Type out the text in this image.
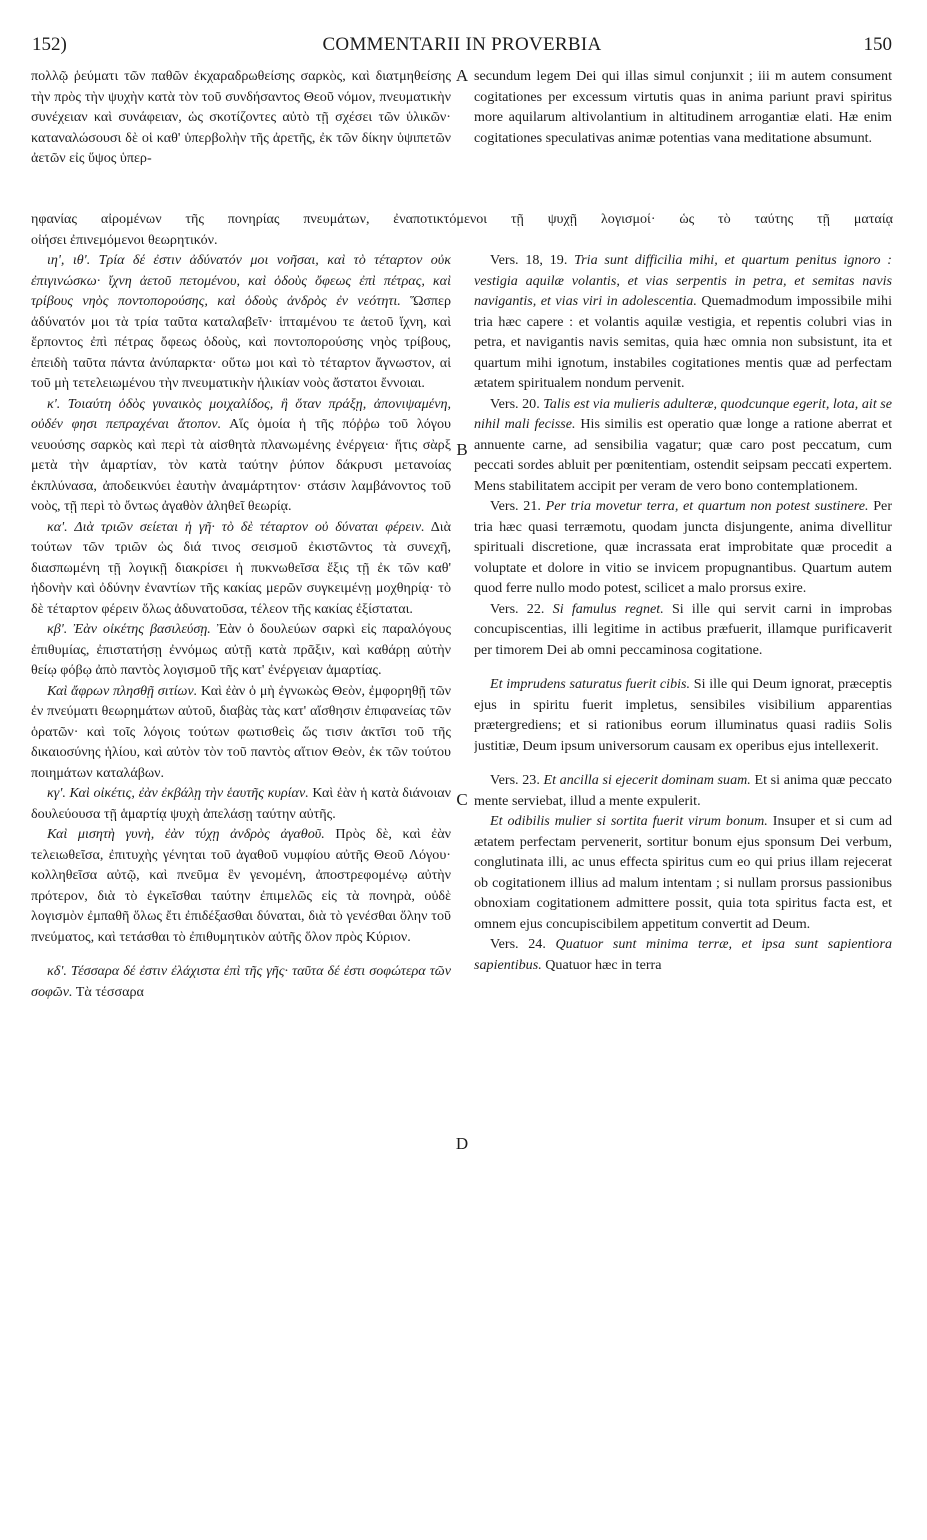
152)	COMMENTARII IN PROVERBIA	150

πολλῷ ῥεύματι τῶν παθῶν ἐκχαραδρωθείσης σαρκὸς, καὶ διατμηθείσης τὴν πρὸς τὴν ψυχὴν κατὰ τὸν τοῦ συνδήσαντος Θεοῦ νόμον, πνευματικὴν συνέχειαν καὶ συνάφειαν, ὡς σκοτίζοντες αὐτὸ τῇ σχέσει τῶν ὑλικῶν· καταναλώσουσι δὲ οἱ καθ' ὑπερβολὴν τῆς ἀρετῆς, ἐκ τῶν δίκην ὑψιπετῶν ἀετῶν εἰς ὕψος ὑπερ-

secundum legem Dei qui illas simul conjunxit ; iii m autem consument cogitationes per excessum virtutis quas in anima pariunt pravi spiritus more aquilarum altivolantium in altitudinem arrogantiæ elati. Hæ enim cogitationes speculativas animæ potentias vana meditatione absumunt.

ηφανίας αἰρομένων τῆς πονηρίας πνευμάτων, ἐναποτικτόμενοι τῇ ψυχῇ λογισμοί· ὡς τὸ ταύτης τῇ ματαίᾳ

οἰήσει ἐπινεμόμενοι θεωρητικόν.

ιη', ιθ'. Τρία δέ ἐστιν ἀδύνατόν μοι νοῆσαι, καὶ τὸ τέταρτον οὐκ ἐπιγινώσκω· ἴχνη ἀετοῦ πετομένου, καὶ ὁδοὺς ὄφεως ἐπὶ πέτρας, καὶ τρίβους νηὸς ποντοπορούσης, καὶ ὁδοὺς ἀνδρὸς ἐν νεότητι. Ὥσπερ ἀδύνατόν μοι τὰ τρία ταῦτα καταλαβεῖν· ἱπταμένου τε ἀετοῦ ἴχνη, καὶ ἕρποντος ἐπὶ πέτρας ὄφεως ὁδοὺς, καὶ ποντοπορούσης νηὸς τρίβους, ἐπειδὴ ταῦτα πάντα ἀνύπαρκτα· οὕτω μοι καὶ τὸ τέταρτον ἄγνωστον, αἱ τοῦ μὴ τετελειωμένου τὴν πνευματικὴν ἡλικίαν νοὸς ἄστατοι ἔννοιαι.

κ'. Τοιαύτη ὁδὸς γυναικὸς μοιχαλίδος, ἣ ὅταν πράξῃ, ἀπονιψαμένη, οὐδέν φησι πεπραχέναι ἄτοπον. Αἵς ὁμοία ἡ τῆς πόῤῥω τοῦ λόγου νευούσης σαρκὸς καὶ περὶ τὰ αἰσθητὰ πλανωμένης ἐνέργεια· ἥτις σὰρξ μετὰ τὴν ἁμαρτίαν, τὸν κατὰ ταύτην ῥύπον δάκρυσι μετανοίας ἐκπλύνασα, ἀποδεικνύει ἑαυτὴν ἀναμάρτητον· στάσιν λαμβάνοντος τοῦ νοὸς, τῇ περὶ τὸ ὄντως ἀγαθὸν ἀληθεῖ θεωρίᾳ.

κα'. Διὰ τριῶν σείεται ἡ γῆ· τὸ δὲ τέταρτον οὐ δύναται φέρειν. Διὰ τούτων τῶν τριῶν ὡς διά τινος σεισμοῦ ἐκιστῶντος τὰ συνεχῆ, διασπωμένη τῇ λογικῇ διακρίσει ἡ πυκνωθεῖσα ἕξις τῇ ἐκ τῶν καθ' ἡδονὴν καὶ ὀδύνην ἐναντίων τῆς κακίας μερῶν συγκειμένῃ μοχθηρίᾳ· τὸ δὲ τέταρτον φέρειν ὅλως ἀδυνατοῦσα, τέλεον τῆς κακίας ἐξίσταται.

κβ'. Ἐὰν οἰκέτης βασιλεύσῃ. Ἐὰν ὁ δουλεύων σαρκὶ εἰς παραλόγους ἐπιθυμίας, ἐπιστατήσῃ ἐννόμως αὐτῇ κατὰ πρᾶξιν, καὶ καθάρῃ αὐτὴν θείῳ φόβῳ ἀπὸ παντὸς λογισμοῦ τῆς κατ' ἐνέργειαν ἁμαρτίας.

Καὶ ἄφρων πλησθῇ σιτίων. Καὶ ἐὰν ὁ μὴ ἐγνωκὼς Θεὸν, ἐμφορηθῇ τῶν ἐν πνεύματι θεωρημάτων αὐτοῦ, διαβὰς τὰς κατ' αἴσθησιν ἐπιφανείας τῶν ὁρατῶν· καὶ τοῖς λόγοις τούτων φωτισθεὶς ὥς τισιν ἀκτῖσι τοῦ τῆς δικαιοσύνης ἡλίου, καὶ αὐτὸν τὸν τοῦ παντὸς αἴτιον Θεὸν, ἐκ τῶν τούτου ποιημάτων καταλάβων.

κγ'. Καὶ οἰκέτις, ἐὰν ἐκβάλῃ τὴν ἑαυτῆς κυρίαν. Καὶ ἐὰν ἡ κατὰ διάνοιαν δουλεύουσα τῇ ἁμαρτίᾳ ψυχὴ ἀπελάσῃ ταύτην αὐτῆς.

Καὶ μισητὴ γυνὴ, ἐὰν τύχῃ ἀνδρὸς ἀγαθοῦ. Πρὸς δὲ, καὶ ἐὰν τελειωθεῖσα, ἐπιτυχὴς γένηται τοῦ ἀγαθοῦ νυμφίου αὐτῆς Θεοῦ Λόγου· κολληθεῖσα αὐτῷ, καὶ πνεῦμα ἓν γενομένη, ἀποστρεφομένῳ αὐτὴν πρότερον, διὰ τὸ ἐγκεῖσθαι ταύτην ἐπιμελῶς εἰς τὰ πονηρὰ, οὐδὲ λογισμὸν ἐμπαθῆ ὅλως ἔτι ἐπιδέξασθαι δύναται, διὰ τὸ γενέσθαι ὅλην τοῦ πνεύματος, καὶ τετάσθαι τὸ ἐπιθυμητικὸν αὐτῆς ὅλον πρὸς Κύριον.

κδ'. Τέσσαρα δέ ἐστιν ἐλάχιστα ἐπὶ τῆς γῆς· ταῦτα δέ ἐστι σοφώτερα τῶν σοφῶν. Τὰ τέσσαρα

Vers. 18, 19. Tria sunt difficilia mihi, et quartum penitus ignoro : vestigia aquilæ volantis, et vias serpentis in petra, et semitas navis navigantis, et vias viri in adolescentia. Quemadmodum impossibile mihi tria hæc capere : et volantis aquilæ vestigia, et repentis colubri vias in petra, et navigantis navis semitas, quia hæc omnia non subsistunt, ita et quartum mihi ignotum, instabiles cogitationes mentis quæ ad perfectam ætatem spiritualem nondum pervenit.

Vers. 20. Talis est via mulieris adulteræ, quodcunque egerit, lota, ait se nihil mali fecisse. His similis est operatio quæ longe a ratione aberrat et annuente carne, ad sensibilia vagatur; quæ caro post peccatum, cum peccati sordes abluit per pœnitentiam, ostendit seipsam peccati expertem. Mens stabilitatem accipit per veram de vero bono contemplationem.

Vers. 21. Per tria movetur terra, et quartum non potest sustinere. Per tria hæc quasi terræmotu, quodam juncta disjungente, anima divellitur spirituali discretione, quæ incrassata erat improbitate quæ procedit a voluptate et dolore in vitio se invicem propugnantibus. Quartum autem quod ferre nullo modo potest, scilicet a malo prorsus exire.

Vers. 22. Si famulus regnet. Si ille qui servit carni in improbas concupiscentias, illi legitime in actibus præfuerit, illamque purificaverit per timorem Dei ab omni peccaminosa cogitatione.

Et imprudens saturatus fuerit cibis. Si ille qui Deum ignorat, præceptis ejus in spiritu fuerit impletus, sensibiles visibilium apparentias prætergrediens; et si rationibus eorum illuminatus quasi radiis Solis justitiæ, Deum ipsum universorum causam ex operibus ejus intellexerit.

Vers. 23. Et ancilla si ejecerit dominam suam. Et si anima quæ peccato mente serviebat, illud a mente expulerit.

Et odibilis mulier si sortita fuerit virum bonum. Insuper et si cum ad ætatem perfectam pervenerit, sortitur bonum ejus sponsum Dei verbum, conglutinata illi, ac unus effecta spiritus cum eo qui prius illam rejecerat ob cogitationem illius ad malum intentam ; si nullam prorsus passionibus obnoxiam cogitationem admittere possit, quia tota spiritus facta est, et omnem ejus concupiscibilem appetitum convertit ad Deum.

Vers. 24. Quatuor sunt minima terræ, et ipsa sunt sapientiora sapientibus. Quatuor hæc in terra

A
B
C
D
